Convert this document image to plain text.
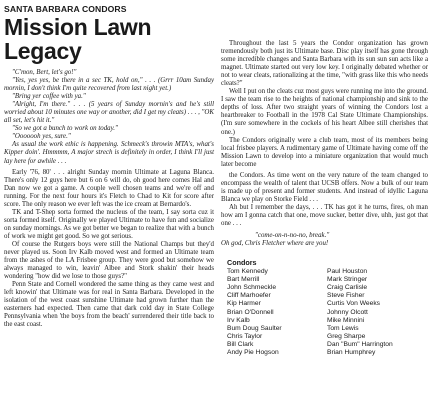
SANTA BARBARA CONDORS
Mission Lawn
Legacy

"C'mon, Bert, let's go!"

"Yes, yes yes, be there in a sec TK, hold on," . . . (Grrr 10am Sunday mornin, I don't think I'm quite recovered from last night yet.)

"Bring yer coffee with ya."

"Alright, I'm there." . . . (5 years of Sunday mornin's and he's still worried about 10 minutes one way or another, did I get my cleats) . . . , "OK all set, let's hit it."

"So we got a bunch to work on today."

"Ooooooh yes, sure."

As usual the work ethic is happening. Schmeck's throwin MTA's, what's Kipper doin'. Hmmmm, A major strech is definitely in order, I think I'll just lay here for awhile . . .

Early '76, 80' . . . alright Sunday mornin Ultimate at Laguna Blanca. There's only 12 guys here but 6 on 6 will do, oh good here comes Hal and Dan now we got a game. A couple well chosen teams and we're off and running. For the next four hours it's Fletch to Chad to Kit for score after score. The only reason we ever left was the ice cream at Bernardo's.

TK and T-Shep sorta formed the nucleus of the team, I say sorta cuz it sorta formed itself. Originally we played Ultimate to have fun and socialize on sunday mornings. As we got better we began to realize that with a bunch of work we might get good. So we got serious.

Of course the Rutgers boys were still the National Champs but they'd never played us. Soon Irv Kalb moved west and formed an Ultimate team from the ashes of the LA Frisbee group. They were good but somehow we always managed to win, leavin' Albee and Stork shakin' their heads wondering "how did we lose to those guys?"

Penn State and Cornell wondered the same thing as they came west and left knowin' that Ultimate was for real in Santa Barbara. Developed in the isolation of the west coast sunshine Ultimate had grown further than the easterners had expected. Then came that dark cold day in State College Pennsylvania when 'the boys from the beach' surrendered their title back to the east coast.

Throughout the last 5 years the Condor organization has grown tremendously both just its Ultimate base. Disc play itself has gone through some incredible changes and Santa Barbara with its sun sun sun acts like a magnet. Ultimate started out very low key. I originally debated whether or not to wear cleats, rationalizing at the time, "with grass like this who needs cleats?"

Well I put on the cleats cuz most guys were running me into the ground. I saw the team rise to the heights of national championship and sink to the depths of loss. After two straight years of winning the Condors lost a heartbreaker to Football in the 1978 Cal State Ultimate Championships. (I'm sure somewhere in the cockels of his heart Albee still cherishes that one.)

The Condors originally were a club team, most of its members being local frisbee players. A rudimentary game of Ultimate having come off the Mission Lawn to develop into a miniature organization that would much later become

the Condors. As time went on the very nature of the team changed to encompass the wealth of talent that UCSB offers. Now a bulk of our team is made up of present and former students. And instead of idyllic Laguna Blanca we play on Storke Field . . .

Ah but I remember the days, . . . TK has got it he turns, fires, oh man how am I gonna catch that one, move sucker, better dive, uhh, just got that one . . .

"come-on-n-no-no, break."
Oh god, Chris Fletcher where are you!
Condors
Tom Kennedy
Bart Merrill
John Schmeckle
Cliff Marhoefer
Kip Harmer
Brian O'Donnell
Irv Kalb
Bum Doug Saulter
Chris Taylor
Bill Clark
Andy Pie Hogson
Paul Houston
Mark Stringer
Craig Carlisle
Steve Fisher
Curtis Von Weeks
Johnny Olcott
Mike Minnini
Tom Lewis
Greg Sharpe
Dan "Bum" Harrington
Brian Humphrey
